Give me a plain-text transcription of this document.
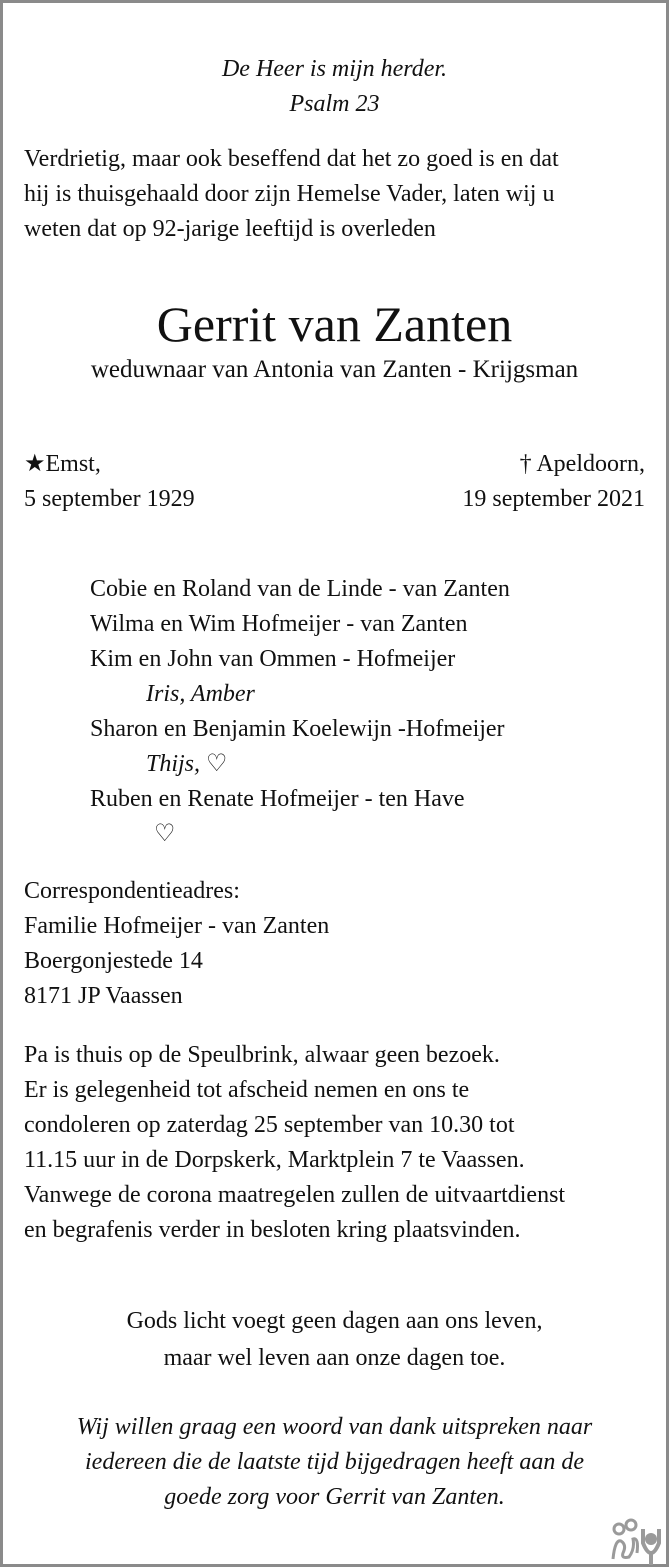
De Heer is mijn herder.
Psalm 23
Verdrietig, maar ook beseffend dat het zo goed is en dat
hij is thuisgehaald door zijn Hemelse Vader, laten wij u
weten dat op 92-jarige leeftijd is overleden
Gerrit van Zanten
weduwnaar van Antonia van Zanten - Krijgsman
★Emst,
5 september 1929
† Apeldoorn,
19 september 2021
Cobie en Roland van de Linde - van Zanten
Wilma en Wim Hofmeijer - van Zanten
Kim en John van Ommen - Hofmeijer
Iris, Amber
Sharon en Benjamin Koelewijn -Hofmeijer
Thijs, ♡
Ruben en Renate Hofmeijer - ten Have
♡
Correspondentieadres:
Familie Hofmeijer - van Zanten
Boergonjestede 14
8171 JP Vaassen
Pa is thuis op de Speulbrink, alwaar geen bezoek.
Er is gelegenheid tot afscheid nemen en ons te
condoleren op zaterdag 25 september van 10.30 tot
11.15 uur in de Dorpskerk, Marktplein 7 te Vaassen.
Vanwege de corona maatregelen zullen de uitvaartdienst
en begrafenis verder in besloten kring plaatsvinden.
Gods licht voegt geen dagen aan ons leven,
maar wel leven aan onze dagen toe.
Wij willen graag een woord van dank uitspreken naar
iedereen die de laatste tijd bijgedragen heeft aan de
goede zorg voor Gerrit van Zanten.
